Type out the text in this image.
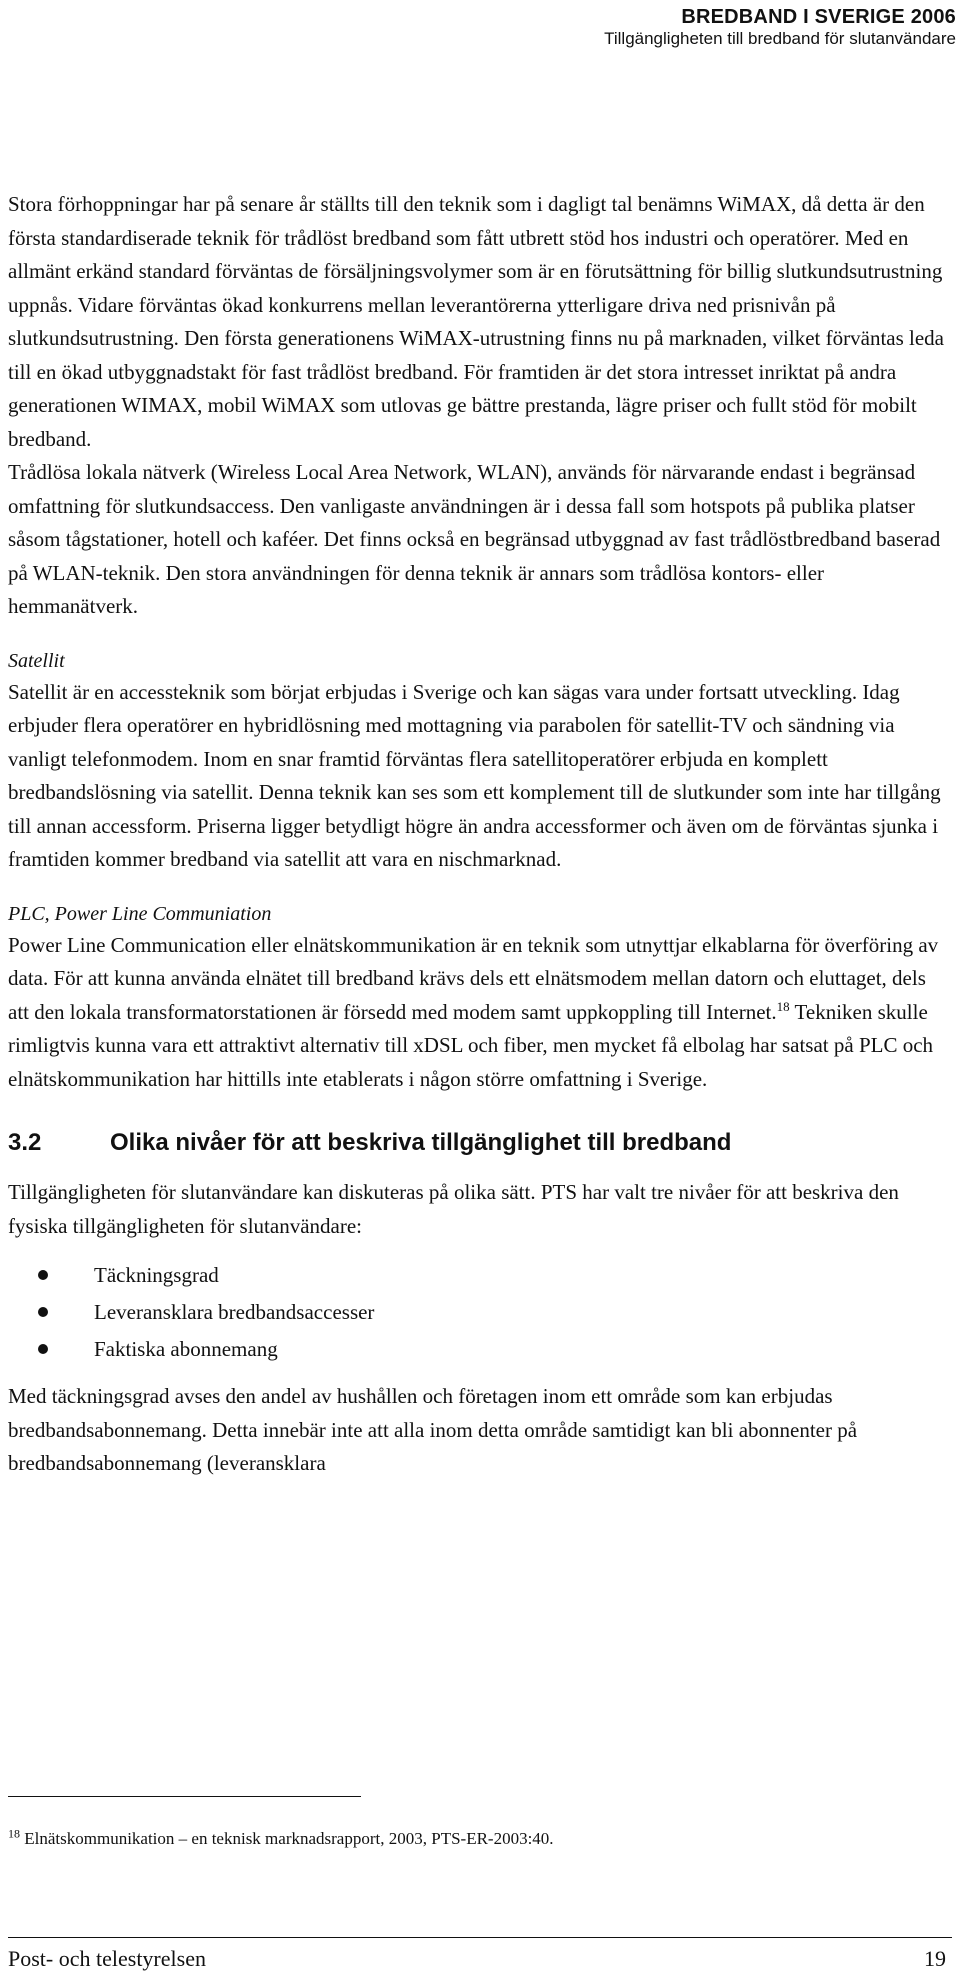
BREDBAND I SVERIGE 2006
Tillgängligheten till bredband för slutanvändare

Stora förhoppningar har på senare år ställts till den teknik som i dagligt tal benämns WiMAX, då detta är den första standardiserade teknik för trådlöst bredband som fått utbrett stöd hos industri och operatörer. Med en allmänt erkänd standard förväntas de försäljningsvolymer som är en förutsättning för billig slutkundsutrustning uppnås. Vidare förväntas ökad konkurrens mellan leverantörerna ytterligare driva ned prisnivån på slutkundsutrustning. Den första generationens WiMAX-utrustning finns nu på marknaden, vilket förväntas leda till en ökad utbyggnadstakt för fast trådlöst bredband. För framtiden är det stora intresset inriktat på andra generationen WIMAX, mobil WiMAX som utlovas ge bättre prestanda, lägre priser och fullt stöd för mobilt bredband.

Trådlösa lokala nätverk (Wireless Local Area Network, WLAN), används för närvarande endast i begränsad omfattning för slutkundsaccess. Den vanligaste användningen är i dessa fall som hotspots på publika platser såsom tågstationer, hotell och kaféer. Det finns också en begränsad utbyggnad av fast trådlöstbredband baserad på WLAN-teknik. Den stora användningen för denna teknik är annars som trådlösa kontors- eller hemmanätverk.

Satellit

Satellit är en accessteknik som börjat erbjudas i Sverige och kan sägas vara under fortsatt utveckling. Idag erbjuder flera operatörer en hybridlösning med mottagning via parabolen för satellit-TV och sändning via vanligt telefonmodem. Inom en snar framtid förväntas flera satellitoperatörer erbjuda en komplett bredbandslösning via satellit. Denna teknik kan ses som ett komplement till de slutkunder som inte har tillgång till annan accessform. Priserna ligger betydligt högre än andra accessformer och även om de förväntas sjunka i framtiden kommer bredband via satellit att vara en nischmarknad.

PLC, Power Line Communiation

Power Line Communication eller elnätskommunikation är en teknik som utnyttjar elkablarna för överföring av data. För att kunna använda elnätet till bredband krävs dels ett elnätsmodem mellan datorn och eluttaget, dels att den lokala transformatorstationen är försedd med modem samt uppkoppling till Internet.$^{18}$ Tekniken skulle rimligtvis kunna vara ett attraktivt alternativ till xDSL och fiber, men mycket få elbolag har satsat på PLC och elnätskommunikation har hittills inte etablerats i någon större omfattning i Sverige.

3.2	Olika nivåer för att beskriva tillgänglighet till bredband

Tillgängligheten för slutanvändare kan diskuteras på olika sätt. PTS har valt tre nivåer för att beskriva den fysiska tillgängligheten för slutanvändare:

Täckningsgrad
Leveransklara bredbandsaccesser
Faktiska abonnemang

Med täckningsgrad avses den andel av hushållen och företagen inom ett område som kan erbjudas bredbandsabonnemang. Detta innebär inte att alla inom detta område samtidigt kan bli abonnenter på bredbandsabonnemang (leveransklara

$^{18}$ Elnätskommunikation – en teknisk marknadsrapport, 2003, PTS-ER-2003:40.
Post- och telestyrelsen	19
